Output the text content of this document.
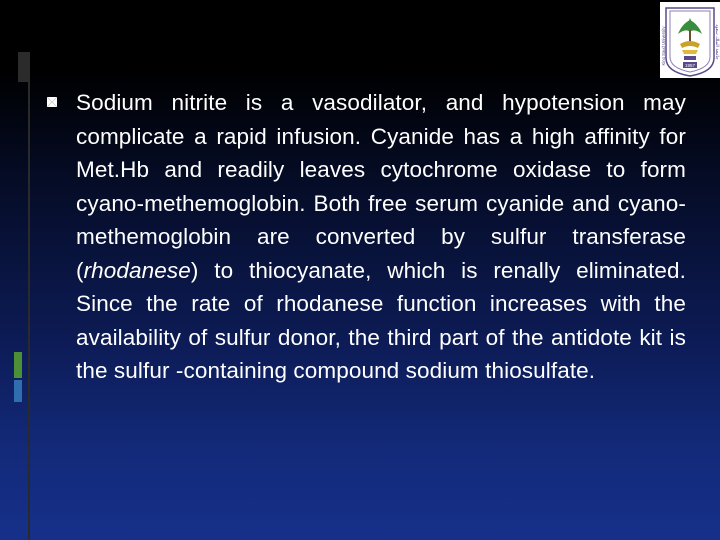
1957
King Saud University	جامعة الملك سعود

Sodium nitrite is a vasodilator, and hypotension may complicate a rapid infusion. Cyanide has a high affinity for Met.Hb and readily leaves cytochrome oxidase to form cyano-methemoglobin. Both free serum cyanide and cyano-methemoglobin are converted by sulfur transferase (rhodanese) to thiocyanate, which is renally eliminated. Since the rate of rhodanese function increases with the availability of sulfur donor, the third part of the antidote kit is the sulfur -containing compound sodium thiosulfate.
